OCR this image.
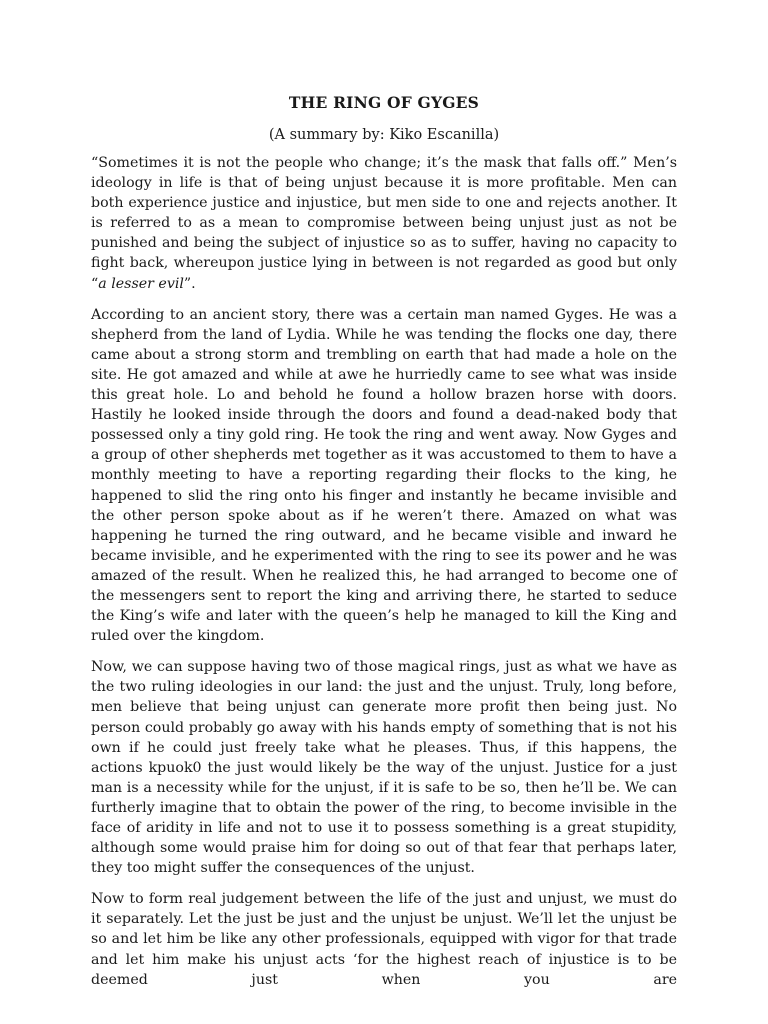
THE RING OF GYGES

(A summary by: Kiko Escanilla)

“Sometimes it is not the people who change; it’s the mask that falls off.” Men’s ideology in life is that of being unjust because it is more profitable. Men can both experience justice and injustice, but men side to one and rejects another. It is referred to as a mean to compromise between being unjust just as not be punished and being the subject of injustice so as to suffer, having no capacity to fight back, whereupon justice lying in between is not regarded as good but only “a lesser evil”.

According to an ancient story, there was a certain man named Gyges. He was a shepherd from the land of Lydia. While he was tending the flocks one day, there came about a strong storm and trembling on earth that had made a hole on the site. He got amazed and while at awe he hurriedly came to see what was inside this great hole. Lo and behold he found a hollow brazen horse with doors. Hastily he looked inside through the doors and found a dead-naked body that possessed only a tiny gold ring. He took the ring and went away. Now Gyges and a group of other shepherds met together as it was accustomed to them to have a monthly meeting to have a reporting regarding their flocks to the king, he happened to slid the ring onto his finger and instantly he became invisible and the other person spoke about as if he weren’t there. Amazed on what was happening he turned the ring outward, and he became visible and inward he became invisible, and he experimented with the ring to see its power and he was amazed of the result. When he realized this, he had arranged to become one of the messengers sent to report the king and arriving there, he started to seduce the King’s wife and later with the queen’s help he managed to kill the King and ruled over the kingdom.

Now, we can suppose having two of those magical rings, just as what we have as the two ruling ideologies in our land: the just and the unjust. Truly, long before, men believe that being unjust can generate more profit then being just. No person could probably go away with his hands empty of something that is not his own if he could just freely take what he pleases. Thus, if this happens, the actions kpuok0 the just would likely be the way of the unjust. Justice for a just man is a necessity while for the unjust, if it is safe to be so, then he’ll be. We can furtherly imagine that to obtain the power of the ring, to become invisible in the face of aridity in life and not to use it to possess something is a great stupidity, although some would praise him for doing so out of that fear that perhaps later, they too might suffer the consequences of the unjust.

Now to form real judgement between the life of the just and unjust, we must do it separately. Let the just be just and the unjust be unjust. We’ll let the unjust be so and let him be like any other professionals, equipped with vigor for that trade and let him make his unjust acts ‘for the highest reach of injustice is to be deemed just when you are
